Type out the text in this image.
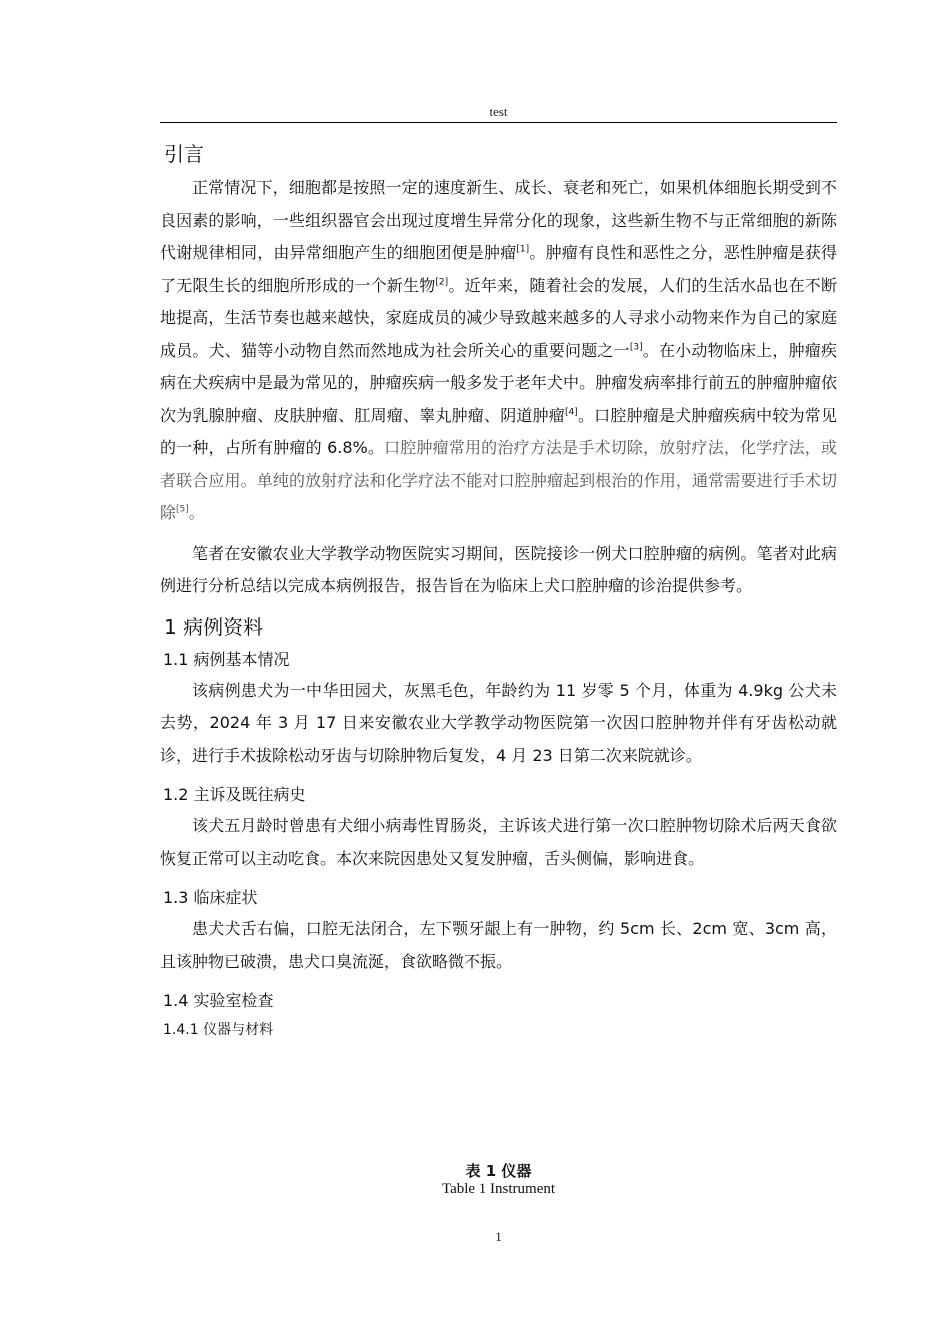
test
引言

正常情况下，细胞都是按照一定的速度新生、成长、衰老和死亡，如果机体细胞长期受到不良因素的影响，一些组织器官会出现过度增生异常分化的现象，这些新生物不与正常细胞的新陈代谢规律相同，由异常细胞产生的细胞团便是肿瘤[1]。肿瘤有良性和恶性之分，恶性肿瘤是获得了无限生长的细胞所形成的一个新生物[2]。近年来，随着社会的发展，人们的生活水品也在不断地提高，生活节奏也越来越快，家庭成员的减少导致越来越多的人寻求小动物来作为自己的家庭成员。犬、猫等小动物自然而然地成为社会所关心的重要问题之一[3]。在小动物临床上，肿瘤疾病在犬疾病中是最为常见的，肿瘤疾病一般多发于老年犬中。肿瘤发病率排行前五的肿瘤肿瘤依次为乳腺肿瘤、皮肤肿瘤、肛周瘤、睾丸肿瘤、阴道肿瘤[4]。口腔肿瘤是犬肿瘤疾病中较为常见的一种，占所有肿瘤的 6.8%。口腔肿瘤常用的治疗方法是手术切除，放射疗法，化学疗法，或者联合应用。单纯的放射疗法和化学疗法不能对口腔肿瘤起到根治的作用，通常需要进行手术切除[5]。

笔者在安徽农业大学教学动物医院实习期间，医院接诊一例犬口腔肿瘤的病例。笔者对此病例进行分析总结以完成本病例报告，报告旨在为临床上犬口腔肿瘤的诊治提供参考。

1 病例资料
1.1 病例基本情况

该病例患犬为一中华田园犬，灰黑毛色，年龄约为 11 岁零 5 个月，体重为 4.9kg 公犬未去势，2024 年 3 月 17 日来安徽农业大学教学动物医院第一次因口腔肿物并伴有牙齿松动就诊，进行手术拔除松动牙齿与切除肿物后复发，4 月 23 日第二次来院就诊。

1.2 主诉及既往病史

该犬五月龄时曾患有犬细小病毒性胃肠炎，主诉该犬进行第一次口腔肿物切除术后两天食欲恢复正常可以主动吃食。本次来院因患处又复发肿瘤，舌头侧偏，影响进食。

1.3 临床症状

患犬犬舌右偏，口腔无法闭合，左下颚牙龈上有一肿物，约 5cm 长、2cm 宽、3cm 高，且该肿物已破溃，患犬口臭流涎，食欲略微不振。

1.4 实验室检查
1.4.1 仪器与材料
表 1 仪器
Table 1 Instrument
1
